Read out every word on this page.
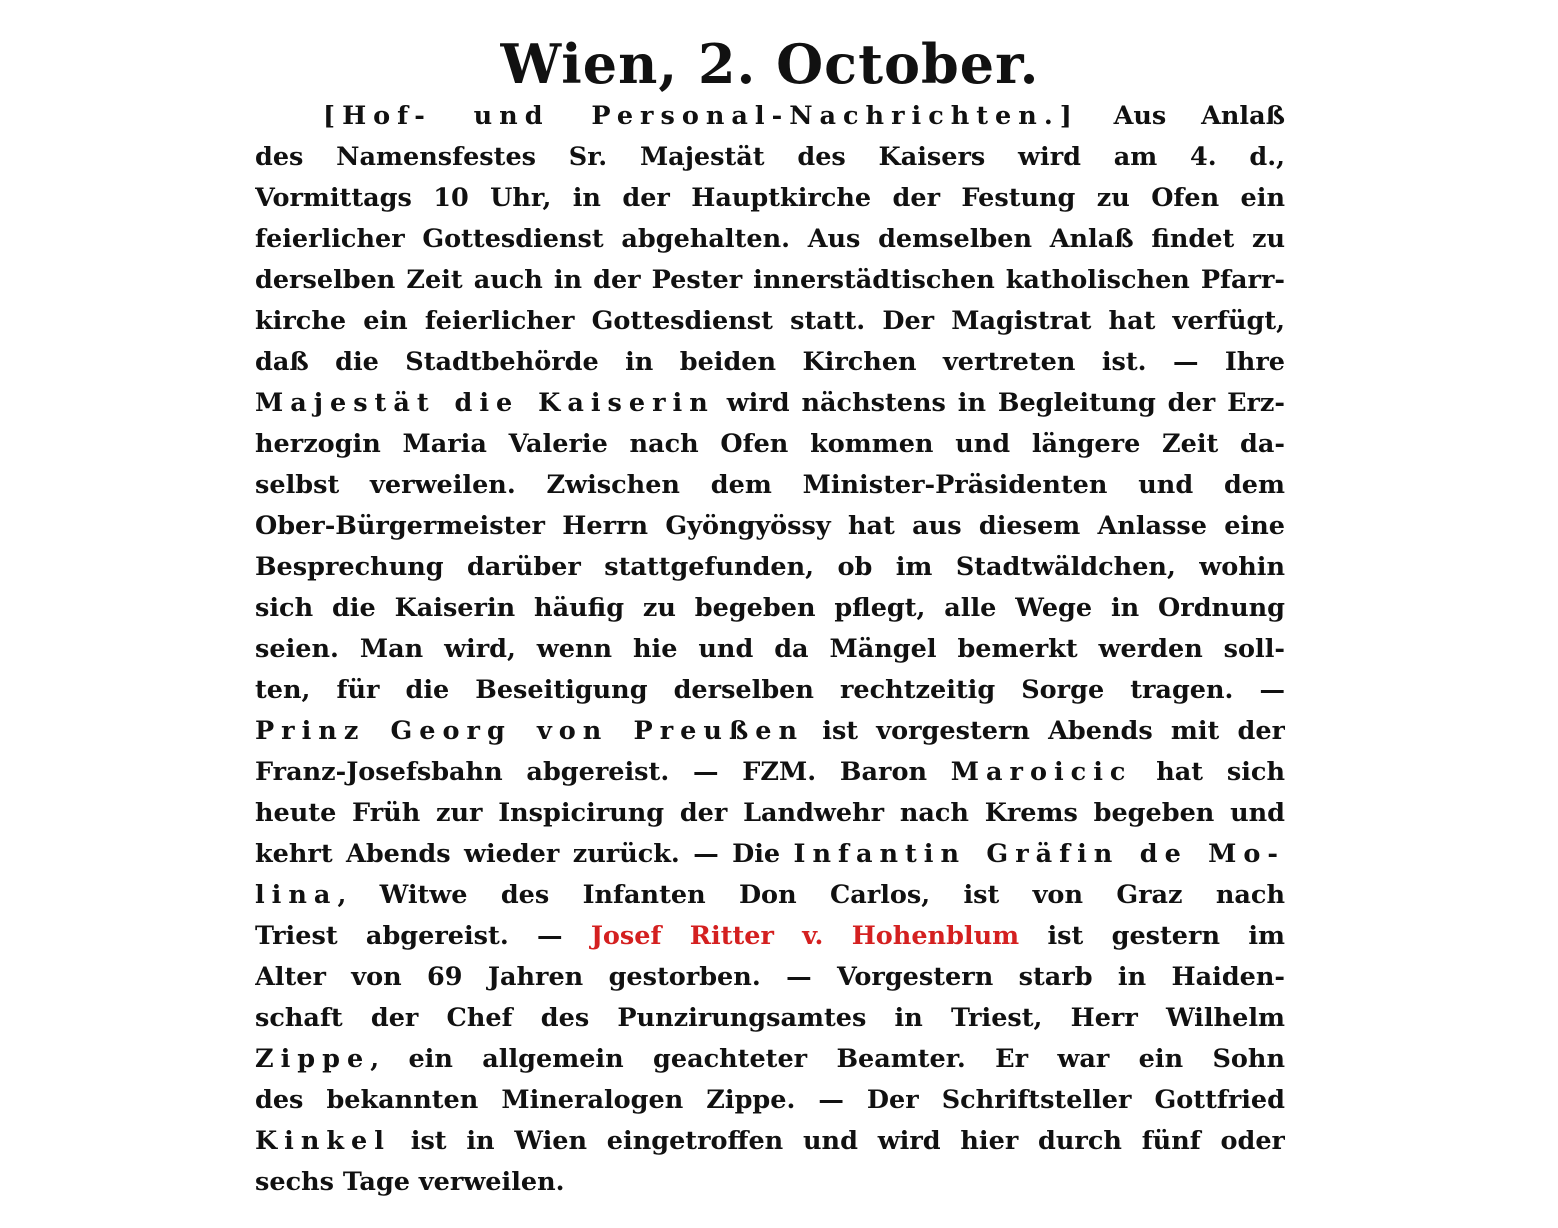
Wien, 2. October.
[Hof- und Personal-Nachrichten.] Aus Anlaß
des Namensfestes Sr. Majestät des Kaisers wird am 4. d.,
Vormittags 10 Uhr, in der Hauptkirche der Festung zu Ofen ein
feierlicher Gottesdienst abgehalten. Aus demselben Anlaß findet zu
derselben Zeit auch in der Pester innerstädtischen katholischen Pfarr-
kirche ein feierlicher Gottesdienst statt. Der Magistrat hat verfügt,
daß die Stadtbehörde in beiden Kirchen vertreten ist. — Ihre
Majestät die Kaiserin wird nächstens in Begleitung der Erz-
herzogin Maria Valerie nach Ofen kommen und längere Zeit da-
selbst verweilen. Zwischen dem Minister-Präsidenten und dem
Ober-Bürgermeister Herrn Gyöngyössy hat aus diesem Anlasse eine
Besprechung darüber stattgefunden, ob im Stadtwäldchen, wohin
sich die Kaiserin häufig zu begeben pflegt, alle Wege in Ordnung
seien. Man wird, wenn hie und da Mängel bemerkt werden soll-
ten, für die Beseitigung derselben rechtzeitig Sorge tragen. —
Prinz Georg von Preußen ist vorgestern Abends mit der
Franz-Josefsbahn abgereist. — FZM. Baron Maroicic hat sich
heute Früh zur Inspicirung der Landwehr nach Krems begeben und
kehrt Abends wieder zurück. — Die Infantin Gräfin de Mo-
lina, Witwe des Infanten Don Carlos, ist von Graz nach
Triest abgereist. — Josef Ritter v. Hohenblum ist gestern im
Alter von 69 Jahren gestorben. — Vorgestern starb in Haiden-
schaft der Chef des Punzirungsamtes in Triest, Herr Wilhelm
Zippe, ein allgemein geachteter Beamter. Er war ein Sohn
des bekannten Mineralogen Zippe. — Der Schriftsteller Gottfried
Kinkel ist in Wien eingetroffen und wird hier durch fünf oder
sechs Tage verweilen.
